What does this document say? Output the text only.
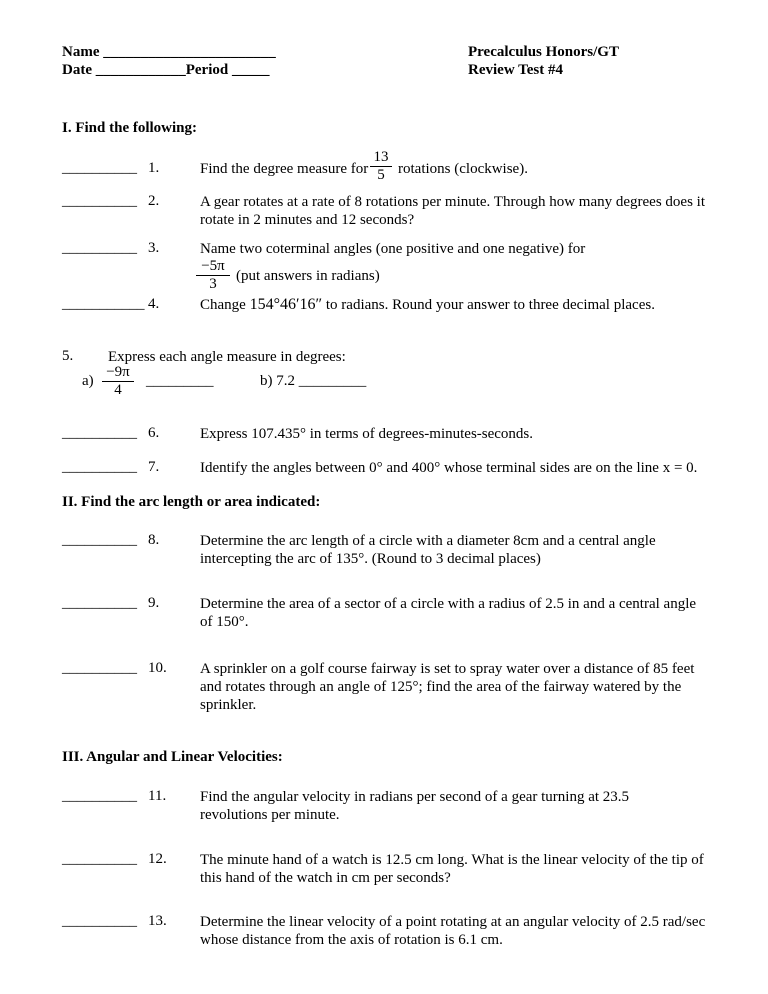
Name _______________________
Date ____________Period _____
Precalculus Honors/GT
Review Test #4
I. Find the following:
__________ 1.	Find the degree measure for $\frac{13}{5}$ rotations (clockwise).
__________ 2.	A gear rotates at a rate of 8 rotations per minute. Through how many degrees does it
rotate in 2 minutes and 12 seconds?
__________ 3.	Name two coterminal angles (one positive and one negative) for
$\frac{-5\pi}{3} (put$ answers in radians)
___________ 4.	Change 154°46′16″ to radians. Round your answer to three decimal places.
5. Express each angle measure in degrees:
$a) \frac{-9\pi}{4}$ _________	b) 7.2 _________
__________ 6.	Express 107.435° in terms of degrees-minutes-seconds.
__________ 7.	Identify the angles between 0° and 400° whose terminal sides are on the line x = 0.
II. Find the arc length or area indicated:
__________ 8.	Determine the arc length of a circle with a diameter 8cm and a central angle
intercepting the arc of 135°. (Round to 3 decimal places)
__________ 9.	Determine the area of a sector of a circle with a radius of 2.5 in and a central angle
of 150°.
__________ 10. A sprinkler on a golf course fairway is set to spray water over a distance of 85 feet
and rotates through an angle of 125°; find the area of the fairway watered by the
sprinkler.
III. Angular and Linear Velocities:
__________ 11. Find the angular velocity in radians per second of a gear turning at 23.5
revolutions per minute.
__________ 12. The minute hand of a watch is 12.5 cm long. What is the linear velocity of the tip of
this hand of the watch in cm per seconds?
__________ 13. Determine the linear velocity of a point rotating at an angular velocity of 2.5 rad/sec
whose distance from the axis of rotation is 6.1 cm.
